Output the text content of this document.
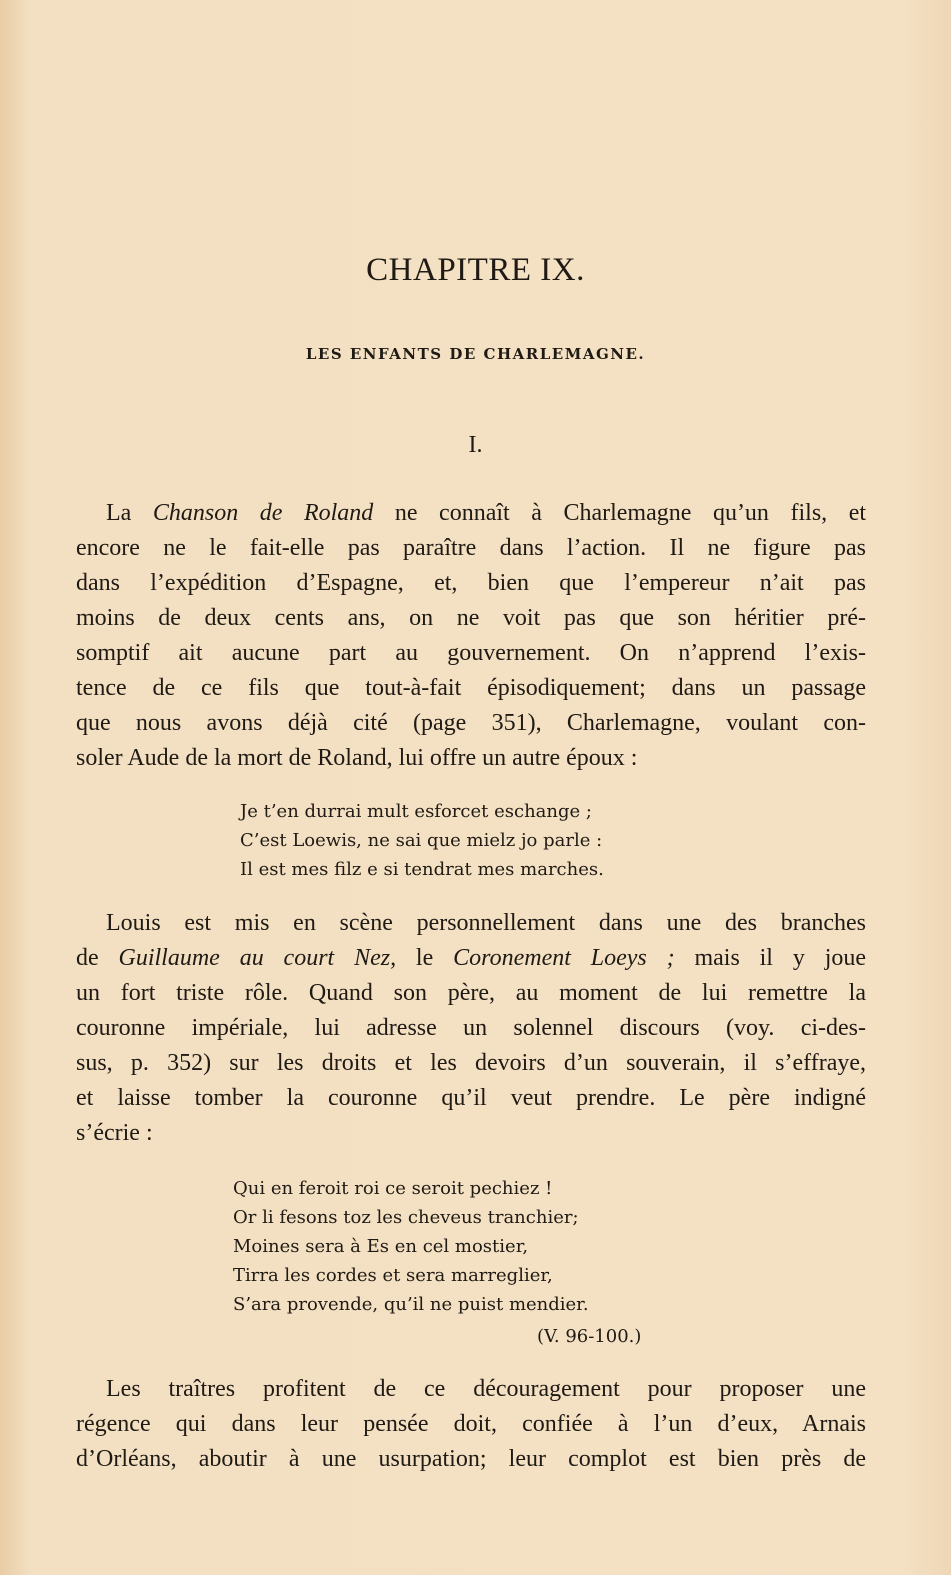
CHAPITRE IX.
LES ENFANTS DE CHARLEMAGNE.
I.
La Chanson de Roland ne connaît à Charlemagne qu’un fils, et
encore ne le fait-elle pas paraître dans l’action. Il ne figure pas
dans l’expédition d’Espagne, et, bien que l’empereur n’ait pas
moins de deux cents ans, on ne voit pas que son héritier pré-
somptif ait aucune part au gouvernement. On n’apprend l’exis-
tence de ce fils que tout-à-fait épisodiquement; dans un passage
que nous avons déjà cité (page 351), Charlemagne, voulant con-
soler Aude de la mort de Roland, lui offre un autre époux :
Je t’en durrai mult esforcet eschange ;
C’est Loewis, ne sai que mielz jo parle :
Il est mes filz e si tendrat mes marches.
Louis est mis en scène personnellement dans une des branches
de Guillaume au court Nez, le Coronement Loeys ; mais il y joue
un fort triste rôle. Quand son père, au moment de lui remettre la
couronne impériale, lui adresse un solennel discours (voy. ci-des-
sus, p. 352) sur les droits et les devoirs d’un souverain, il s’effraye,
et laisse tomber la couronne qu’il veut prendre. Le père indigné
s’écrie :
Qui en feroit roi ce seroit pechiez !
Or li fesons toz les cheveus tranchier;
Moines sera à Es en cel mostier,
Tirra les cordes et sera marreglier,
S’ara provende, qu’il ne puist mendier.
(V. 96-100.)
Les traîtres profitent de ce découragement pour proposer une
régence qui dans leur pensée doit, confiée à l’un d’eux, Arnais
d’Orléans, aboutir à une usurpation; leur complot est bien près de
